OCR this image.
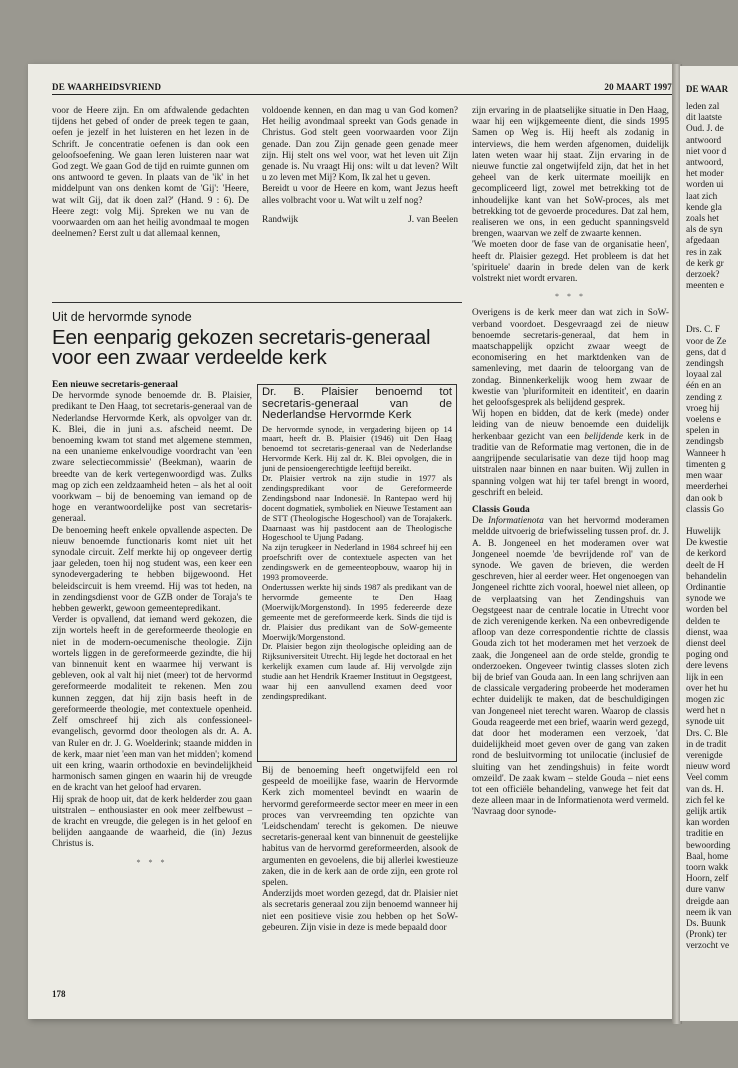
DE WAARHEIDSVRIEND	20 MAART 1997

voor de Heere zijn. En om afdwalende gedachten tijdens het gebed of onder de preek tegen te gaan, oefen je jezelf in het luisteren en het lezen in de Schrift. Je concentratie oefenen is dan ook een geloofsoefening. We gaan leren luisteren naar wat God zegt. We gaan God de tijd en ruimte gunnen om ons antwoord te geven. In plaats van de 'ik' in het middelpunt van ons denken komt de 'Gij': 'Heere, wat wilt Gij, dat ik doen zal?' (Hand. 9 : 6). De Heere zegt: volg Mij. Spreken we nu van de voorwaarden om aan het heilig avondmaal te mogen deelnemen? Eerst zult u dat allemaal kennen,

voldoende kennen, en dan mag u van God komen? Het heilig avondmaal spreekt van Gods genade in Christus. God stelt geen voorwaarden voor Zijn genade. Dan zou Zijn genade geen genade meer zijn. Hij stelt ons wel voor, wat het leven uit Zijn genade is. Nu vraagt Hij ons: wilt u dat leven? Wilt u zo leven met Mij? Kom, Ik zal het u geven.

Bereidt u voor de Heere en kom, want Jezus heeft alles volbracht voor u. Wat wilt u zelf nog?

Randwijk	J. van Beelen
Uit de hervormde synode
Een eenparig gekozen secretaris-generaal voor een zwaar verdeelde kerk

Een nieuwe secretaris-generaal

De hervormde synode benoemde dr. B. Plaisier, predikant te Den Haag, tot secretaris-generaal van de Nederlandse Hervormde Kerk, als opvolger van dr. K. Blei, die in juni a.s. afscheid neemt. De benoeming kwam tot stand met algemene stemmen, na een unanieme enkelvoudige voordracht van 'een zware selectiecommissie' (Beekman), waarin de breedte van de kerk vertegenwoordigd was. Zulks mag op zich een zeldzaamheid heten – als het al ooit voorkwam – bij de benoeming van iemand op de hoge en verantwoordelijke post van secretaris-generaal.

De benoeming heeft enkele opvallende aspecten. De nieuw benoemde functionaris komt niet uit het synodale circuit. Zelf merkte hij op ongeveer dertig jaar geleden, toen hij nog student was, een keer een synodevergadering te hebben bijgewoond. Het beleidscircuit is hem vreemd. Hij was tot heden, na in zendingsdienst voor de GZB onder de Toraja's te hebben gewerkt, gewoon gemeentepredikant.

Verder is opvallend, dat iemand werd gekozen, die zijn wortels heeft in de gereformeerde theologie en niet in de modern-oecumenische theologie. Zijn wortels liggen in de gereformeerde gezindte, die hij van binnenuit kent en waarmee hij verwant is gebleven, ook al valt hij niet (meer) tot de hervormd gereformeerde modaliteit te rekenen. Men zou kunnen zeggen, dat hij zijn basis heeft in de gereformeerde theologie, met contextuele openheid. Zelf omschreef hij zich als confessioneel-evangelisch, gevormd door theologen als dr. A. A. van Ruler en dr. J. G. Woelderink; staande midden in de kerk, maar niet 'een man van het midden'; komend uit een kring, waarin orthodoxie en bevindelijkheid harmonisch samen gingen en waarin hij de vreugde en de kracht van het geloof had ervaren.

Hij sprak de hoop uit, dat de kerk helderder zou gaan uitstralen – enthousiaster en ook meer zelfbewust – de kracht en vreugde, die gelegen is in het geloof en belijden aangaande de waarheid, die (in) Jezus Christus is.

* * *
Dr. B. Plaisier benoemd tot secretaris-generaal van de Nederlandse Hervormde Kerk

De hervormde synode, in vergadering bijeen op 14 maart, heeft dr. B. Plaisier (1946) uit Den Haag benoemd tot secretaris-generaal van de Nederlandse Hervormde Kerk. Hij zal dr. K. Blei opvolgen, die in juni de pensioengerechtigde leeftijd bereikt.

Dr. Plaisier vertrok na zijn studie in 1977 als zendingspredikant voor de Gereformeerde Zendingsbond naar Indonesië. In Rantepao werd hij docent dogmatiek, symboliek en Nieuwe Testament aan de STT (Theologische Hogeschool) van de Torajakerk. Daarnaast was hij pastdocent aan de Theologische Hogeschool te Ujung Padang.

Na zijn terugkeer in Nederland in 1984 schreef hij een proefschrift over de contextuele aspecten van het zendingswerk en de gemeenteopbouw, waarop hij in 1993 promoveerde.

Ondertussen werkte hij sinds 1987 als predikant van de hervormde gemeente te Den Haag (Moerwijk/Morgenstond). In 1995 federeerde deze gemeente met de gereformeerde kerk. Sinds die tijd is dr. Plaisier dus predikant van de SoW-gemeente Moerwijk/Morgenstond.

Dr. Plaisier begon zijn theologische opleiding aan de Rijksuniversiteit Utrecht. Hij legde het doctoraal en het kerkelijk examen cum laude af. Hij vervolgde zijn studie aan het Hendrik Kraemer Instituut in Oegstgeest, waar hij een aanvullend examen deed voor zendingspredikant.

Bij de benoeming heeft ongetwijfeld een rol gespeeld de moeilijke fase, waarin de Hervormde Kerk zich momenteel bevindt en waarin de hervormd gereformeerde sector meer en meer in een proces van vervreemding ten opzichte van 'Leidschendam' terecht is gekomen. De nieuwe secretaris-generaal kent van binnenuit de geestelijke habitus van de hervormd gereformeerden, alsook de argumenten en gevoelens, die bij allerlei kwestieuze zaken, die in de kerk aan de orde zijn, een grote rol spelen.

Anderzijds moet worden gezegd, dat dr. Plaisier niet als secretaris generaal zou zijn benoemd wanneer hij niet een positieve visie zou hebben op het SoW-gebeuren. Zijn visie in deze is mede bepaald door

zijn ervaring in de plaatselijke situatie in Den Haag, waar hij een wijkgemeente dient, die sinds 1995 Samen op Weg is. Hij heeft als zodanig in interviews, die hem werden afgenomen, duidelijk laten weten waar hij staat. Zijn ervaring in de nieuwe functie zal ongetwijfeld zijn, dat het in het geheel van de kerk uitermate moeilijk en gecompliceerd ligt, zowel met betrekking tot de inhoudelijke kant van het SoW-proces, als met betrekking tot de gevoerde procedures. Dat zal hem, realiseren we ons, in een geducht spanningsveld brengen, waarvan we zelf de zwaarte kennen.

'We moeten door de fase van de organisatie heen', heeft dr. Plaisier gezegd. Het probleem is dat het 'spirituele' daarin in brede delen van de kerk volstrekt niet wordt ervaren.

* * *

Overigens is de kerk meer dan wat zich in SoW-verband voordoet. Desgevraagd zei de nieuw benoemde secretaris-generaal, dat hem in maatschappelijk opzicht zwaar weegt de economisering en het marktdenken van de samenleving, met daarin de teloorgang van de zondag. Binnenkerkelijk woog hem zwaar de kwestie van 'pluriformiteit en identiteit', en daarin het geloofsgesprek als belijdend gesprek.

Wij hopen en bidden, dat de kerk (mede) onder leiding van de nieuw benoemde een duidelijk herkenbaar gezicht van een belijdende kerk in de traditie van de Reformatie mag vertonen, die in de aangrijpende secularisatie van deze tijd hoop mag uitstralen naar binnen en naar buiten. Wij zullen in spanning volgen wat hij ter tafel brengt in woord, geschrift en beleid.

Classis Gouda

De Informatienota van het hervormd moderamen meldde uitvoerig de briefwisseling tussen prof. dr. J. A. B. Jongeneel en het moderamen over wat Jongeneel noemde 'de bevrijdende rol' van de synode. We gaven de brieven, die werden geschreven, hier al eerder weer. Het ongenoegen van Jongeneel richtte zich vooral, hoewel niet alleen, op de verplaatsing van het Zendingshuis van Oegstgeest naar de centrale locatie in Utrecht voor de zich verenigende kerken. Na een onbevredigende afloop van deze correspondentie richtte de classis Gouda zich tot het moderamen met het verzoek de zaak, die Jongeneel aan de orde stelde, grondig te onderzoeken. Ongeveer twintig classes sloten zich bij de brief van Gouda aan. In een lang schrijven aan de classicale vergadering probeerde het moderamen echter duidelijk te maken, dat de beschuldigingen van Jongeneel niet terecht waren. Waarop de classis Gouda reageerde met een brief, waarin werd gezegd, dat door het moderamen een verzoek, 'dat duidelijkheid moet geven over de gang van zaken rond de besluitvorming tot unilocatie (inclusief de sluiting van het zendingshuis) in feite wordt omzeild'. De zaak kwam – stelde Gouda – niet eens tot een officiële behandeling, vanwege het feit dat deze alleen maar in de Informatienota werd vermeld. 'Navraag door synode-

178
DE WAAR
leden zal
dit laatste
Oud. J. de
antwoord
niet voor d
antwoord,
het moder
worden ui
laat zich
kende gla
zoals het
als de syn
afgedaan
res in zak
de kerk gr
derzoek?
meenten e
Drs. C. F
voor de Ze
gens, dat d
zendingsh
loyaal zal
één en an
zending z
vroeg hij
voelens e
spelen in
zendingsb
Wanneer h
timenten g
men waar
meerderhei
dan ook b
classis Go
Huwelijk
De kwestie
de kerkord
deelt de H
behandelin
Ordinantie
synode we
worden bel
delden te
dienst, waa
dienst deel
poging ond
dere levens
lijk in een
over het hu
mogen zic
werd het n
synode uit
Drs. C. Ble
in de tradit
verenigde
nieuw word
Veel comm
van ds. H.
zich fel ke
gelijk artik
kan worden
traditie en
bewoording
Baal, home
toorn wakk
Hoorn, zelf
dure vanw
dreigde aan
neem ik van
Ds. Buunk
(Pronk) ter
verzocht ve
